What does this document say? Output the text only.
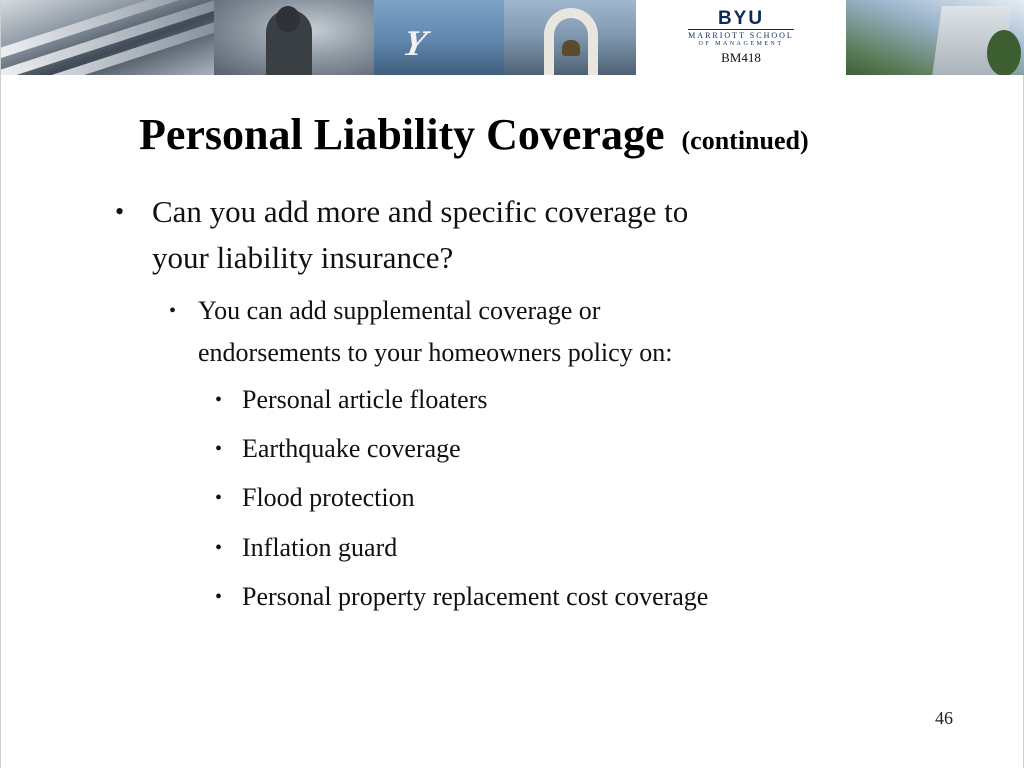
Y
BYU
MARRIOTT SCHOOL
OF MANAGEMENT
BM418
Personal Liability Coverage (continued)
• Can you add more and specific coverage to
your liability insurance?
• You can add supplemental coverage or
endorsements to your homeowners policy on:
• Personal article floaters
• Earthquake coverage
• Flood protection
• Inflation guard
• Personal property replacement cost coverage
46
